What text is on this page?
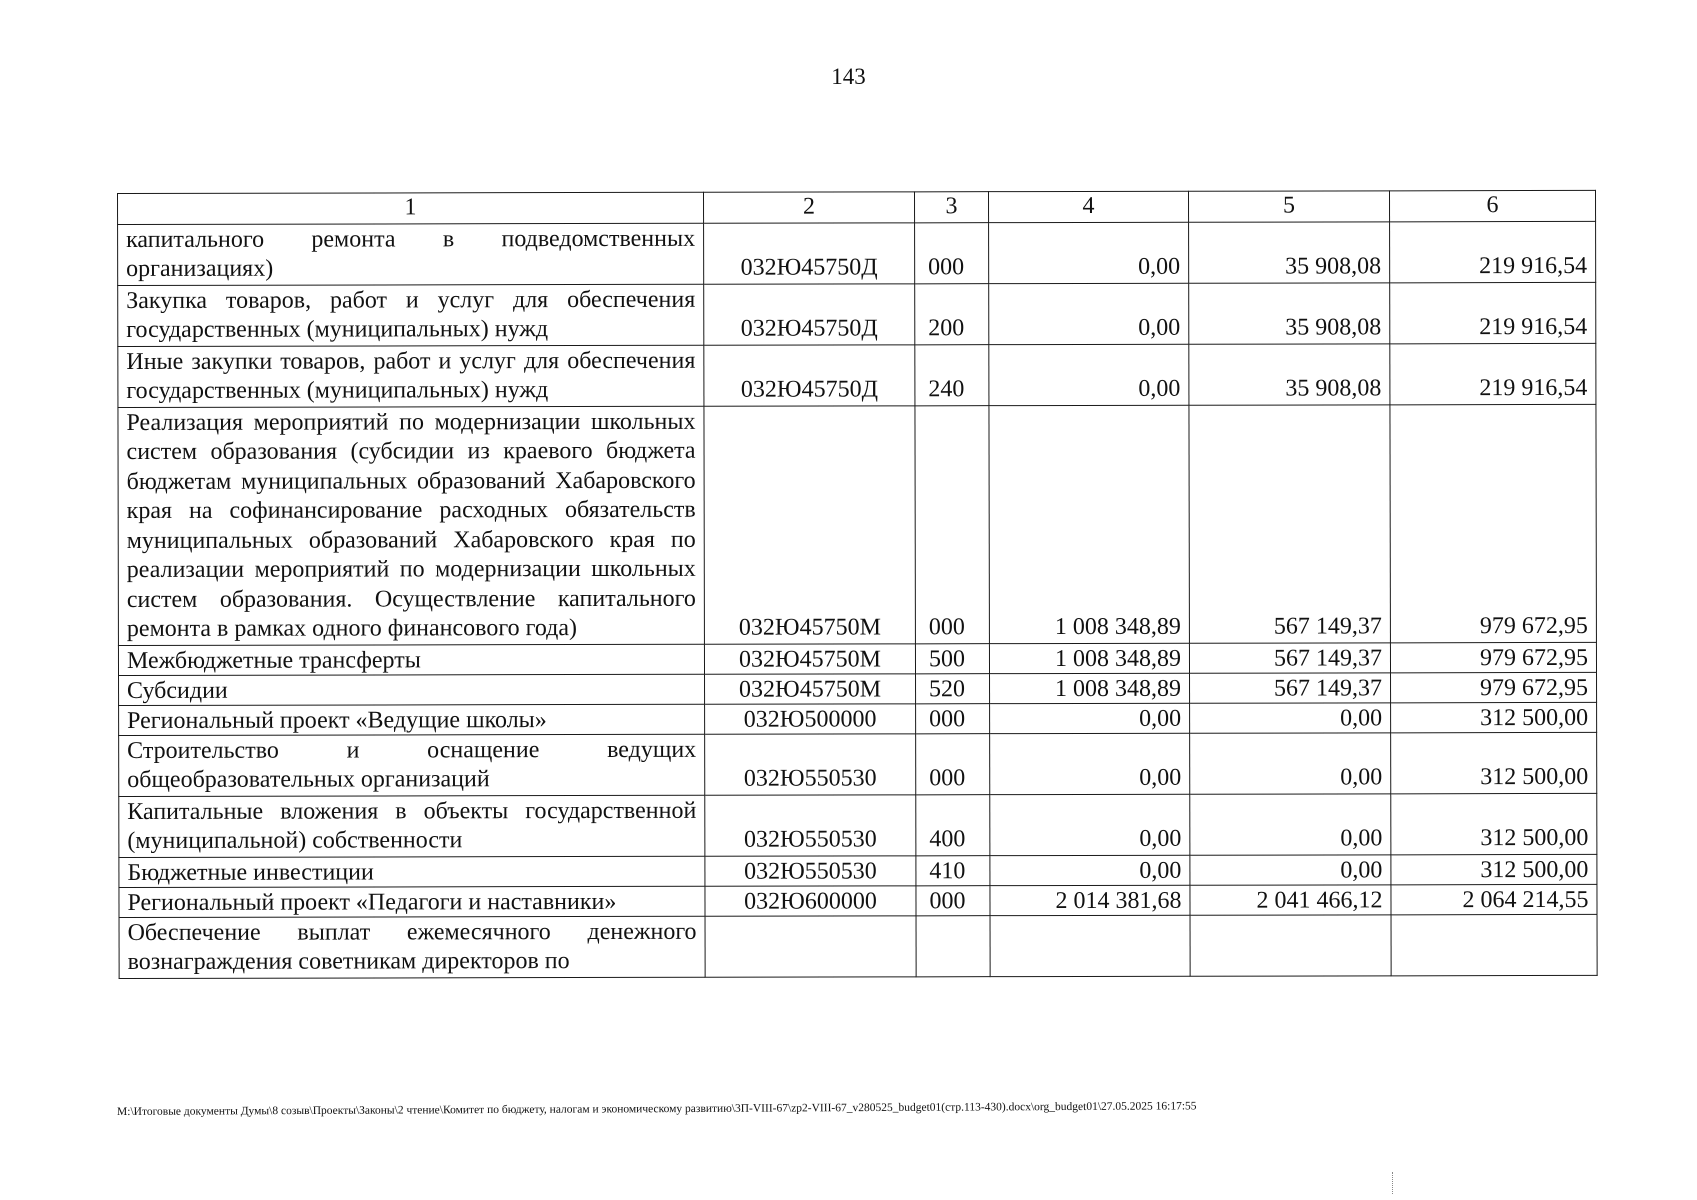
143
1	2	3	4	5	6
капитального ремонта в подведомственных организациях)	032Ю45750Д	000	0,00	35 908,08	219 916,54
Закупка товаров, работ и услуг для обеспечения государственных (муниципальных) нужд	032Ю45750Д	200	0,00	35 908,08	219 916,54
Иные закупки товаров, работ и услуг для обеспечения государственных (муниципальных) нужд	032Ю45750Д	240	0,00	35 908,08	219 916,54
Реализация мероприятий по модернизации школьных систем образования (субсидии из краевого бюджета бюджетам муниципальных образований Хабаровского края на софинансирование расходных обязательств муниципальных образований Хабаровского края по реализации мероприятий по модернизации школьных систем образования. Осуществление капитального ремонта в рамках одного финансового года)	032Ю45750М	000	1 008 348,89	567 149,37	979 672,95
Межбюджетные трансферты	032Ю45750М	500	1 008 348,89	567 149,37	979 672,95
Субсидии	032Ю45750М	520	1 008 348,89	567 149,37	979 672,95
Региональный проект «Ведущие школы»	032Ю500000	000	0,00	0,00	312 500,00
Строительство и оснащение ведущих общеобразовательных организаций	032Ю550530	000	0,00	0,00	312 500,00
Капитальные вложения в объекты государственной (муниципальной) собственности	032Ю550530	400	0,00	0,00	312 500,00
Бюджетные инвестиции	032Ю550530	410	0,00	0,00	312 500,00
Региональный проект «Педагоги и наставники»	032Ю600000	000	2 014 381,68	2 041 466,12	2 064 214,55
Обеспечение выплат ежемесячного денежного вознаграждения советникам директоров по					
M:\Итоговые документы Думы\8 созыв\Проекты\Законы\2 чтение\Комитет по бюджету, налогам и экономическому развитию\3П-VIII-67\zp2-VIII-67_v280525_budget01(стр.113-430).docx\org_budget01\27.05.2025 16:17:55
